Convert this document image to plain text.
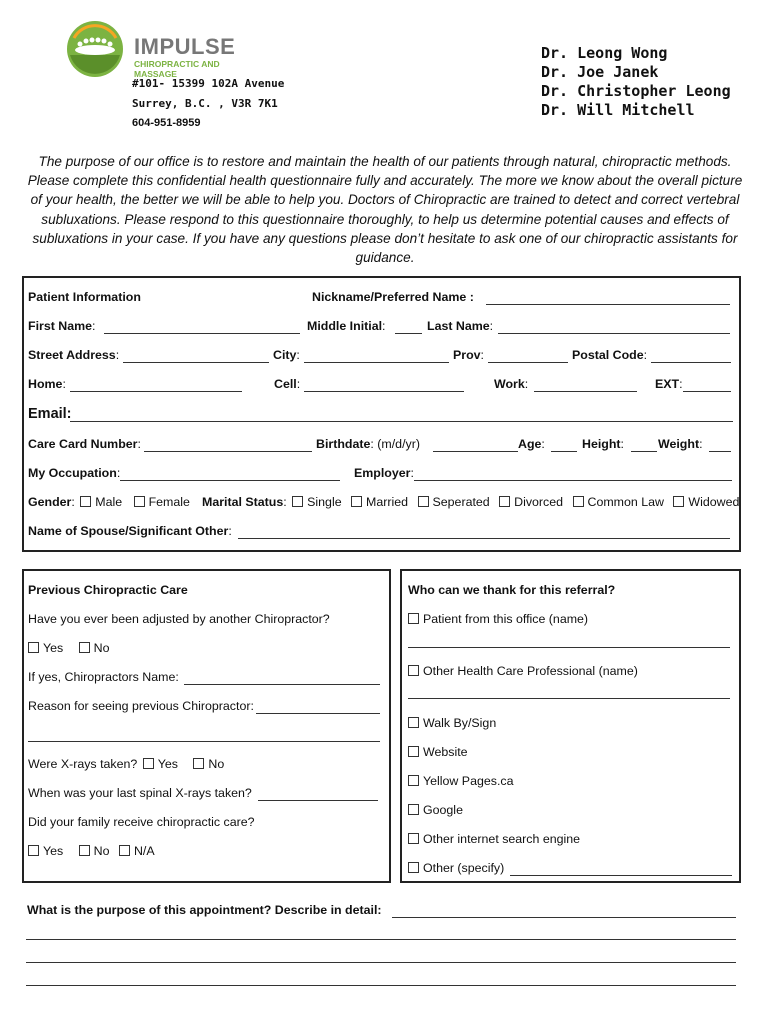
IMPULSE
CHIROPRACTIC AND MASSAGE
#101- 15399 102A Avenue
Surrey, B.C. , V3R 7K1
604-951-8959
Dr. Leong Wong
Dr. Joe Janek
Dr. Christopher Leong
Dr. Will Mitchell
The purpose of our office is to restore and maintain the health of our patients through natural, chiropractic methods. Please complete this confidential health questionnaire fully and accurately. The more we know about the overall picture of your health, the better we will be able to help you. Doctors of Chiropractic are trained to detect and correct vertebral subluxations. Please respond to this questionnaire thoroughly, to help us determine potential causes and effects of subluxations in your case. If you have any questions please don’t hesitate to ask one of our chiropractic assistants for guidance.
Patient Information	Nickname/Preferred Name :
First Name:	Middle Initial:	Last Name:
Street Address:	City:	Prov:	Postal Code:
Home:	Cell:	Work:	EXT:
Email:
Care Card Number:	Birthdate: (m/d/yr)	Age:	Height:	Weight:
My Occupation:	Employer:
Gender: Male Female Marital Status: Single Married Seperated Divorced Common Law Widowed
Name of Spouse/Significant Other:
Previous Chiropractic Care
Have you ever been adjusted by another Chiropractor?
Yes No
If yes, Chiropractors Name:
Reason for seeing previous Chiropractor:
Were X-rays taken? Yes No
When was your last spinal X-rays taken?
Did your family receive chiropractic care?
Yes No N/A
Who can we thank for this referral?
Patient from this office (name)
Other Health Care Professional (name)
Walk By/Sign
Website
Yellow Pages.ca
Google
Other internet search engine
Other (specify)
What is the purpose of this appointment? Describe in detail:
